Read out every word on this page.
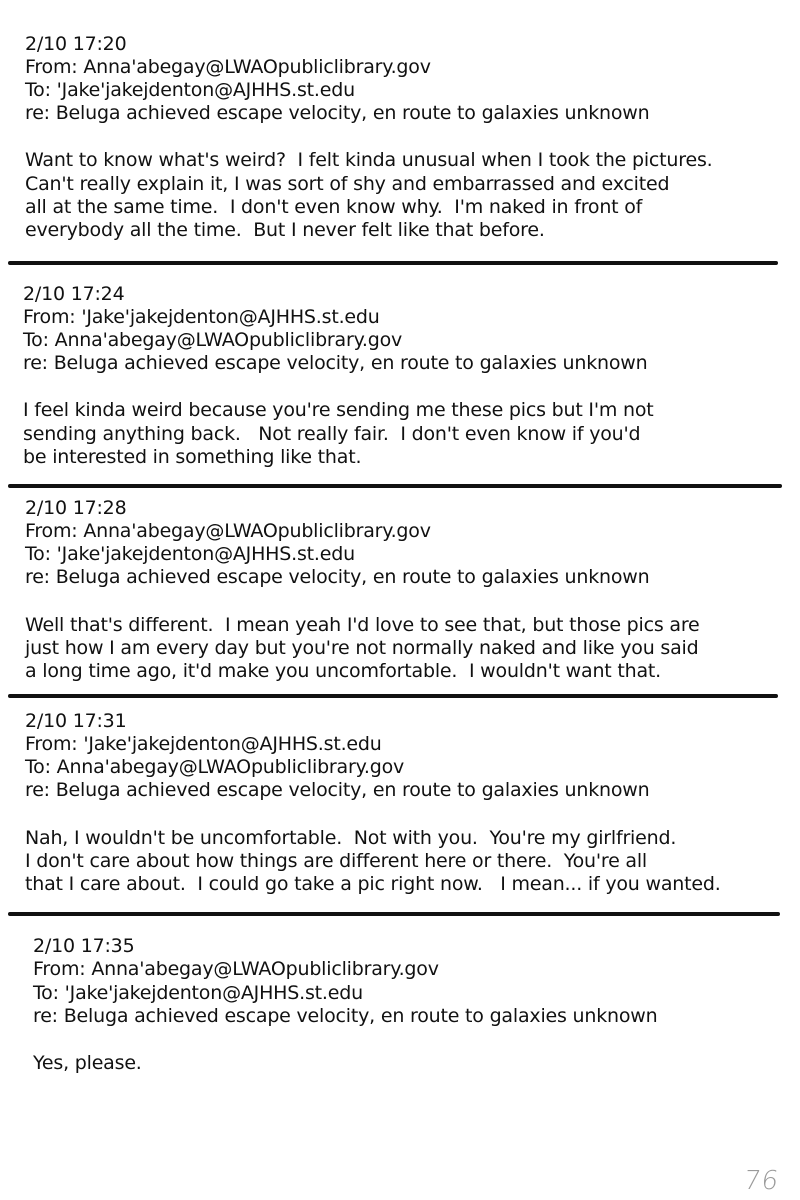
2/10 17:20
From: Anna'abegay@LWAOpubliclibrary.gov
To: 'Jake'jakejdenton@AJHHS.st.edu
re: Beluga achieved escape velocity, en route to galaxies unknown
Want to know what's weird?  I felt kinda unusual when I took the pictures.
Can't really explain it, I was sort of shy and embarrassed and excited
all at the same time.  I don't even know why.  I'm naked in front of
everybody all the time.  But I never felt like that before.
2/10 17:24
From: 'Jake'jakejdenton@AJHHS.st.edu
To: Anna'abegay@LWAOpubliclibrary.gov
re: Beluga achieved escape velocity, en route to galaxies unknown
I feel kinda weird because you're sending me these pics but I'm not
sending anything back.   Not really fair.  I don't even know if you'd
be interested in something like that.
2/10 17:28
From: Anna'abegay@LWAOpubliclibrary.gov
To: 'Jake'jakejdenton@AJHHS.st.edu
re: Beluga achieved escape velocity, en route to galaxies unknown
Well that's different.  I mean yeah I'd love to see that, but those pics are
just how I am every day but you're not normally naked and like you said
a long time ago, it'd make you uncomfortable.  I wouldn't want that.
2/10 17:31
From: 'Jake'jakejdenton@AJHHS.st.edu
To: Anna'abegay@LWAOpubliclibrary.gov
re: Beluga achieved escape velocity, en route to galaxies unknown
Nah, I wouldn't be uncomfortable.  Not with you.  You're my girlfriend.
I don't care about how things are different here or there.  You're all
that I care about.  I could go take a pic right now.   I mean... if you wanted.
2/10 17:35
From: Anna'abegay@LWAOpubliclibrary.gov
To: 'Jake'jakejdenton@AJHHS.st.edu
re: Beluga achieved escape velocity, en route to galaxies unknown
Yes, please.
76
